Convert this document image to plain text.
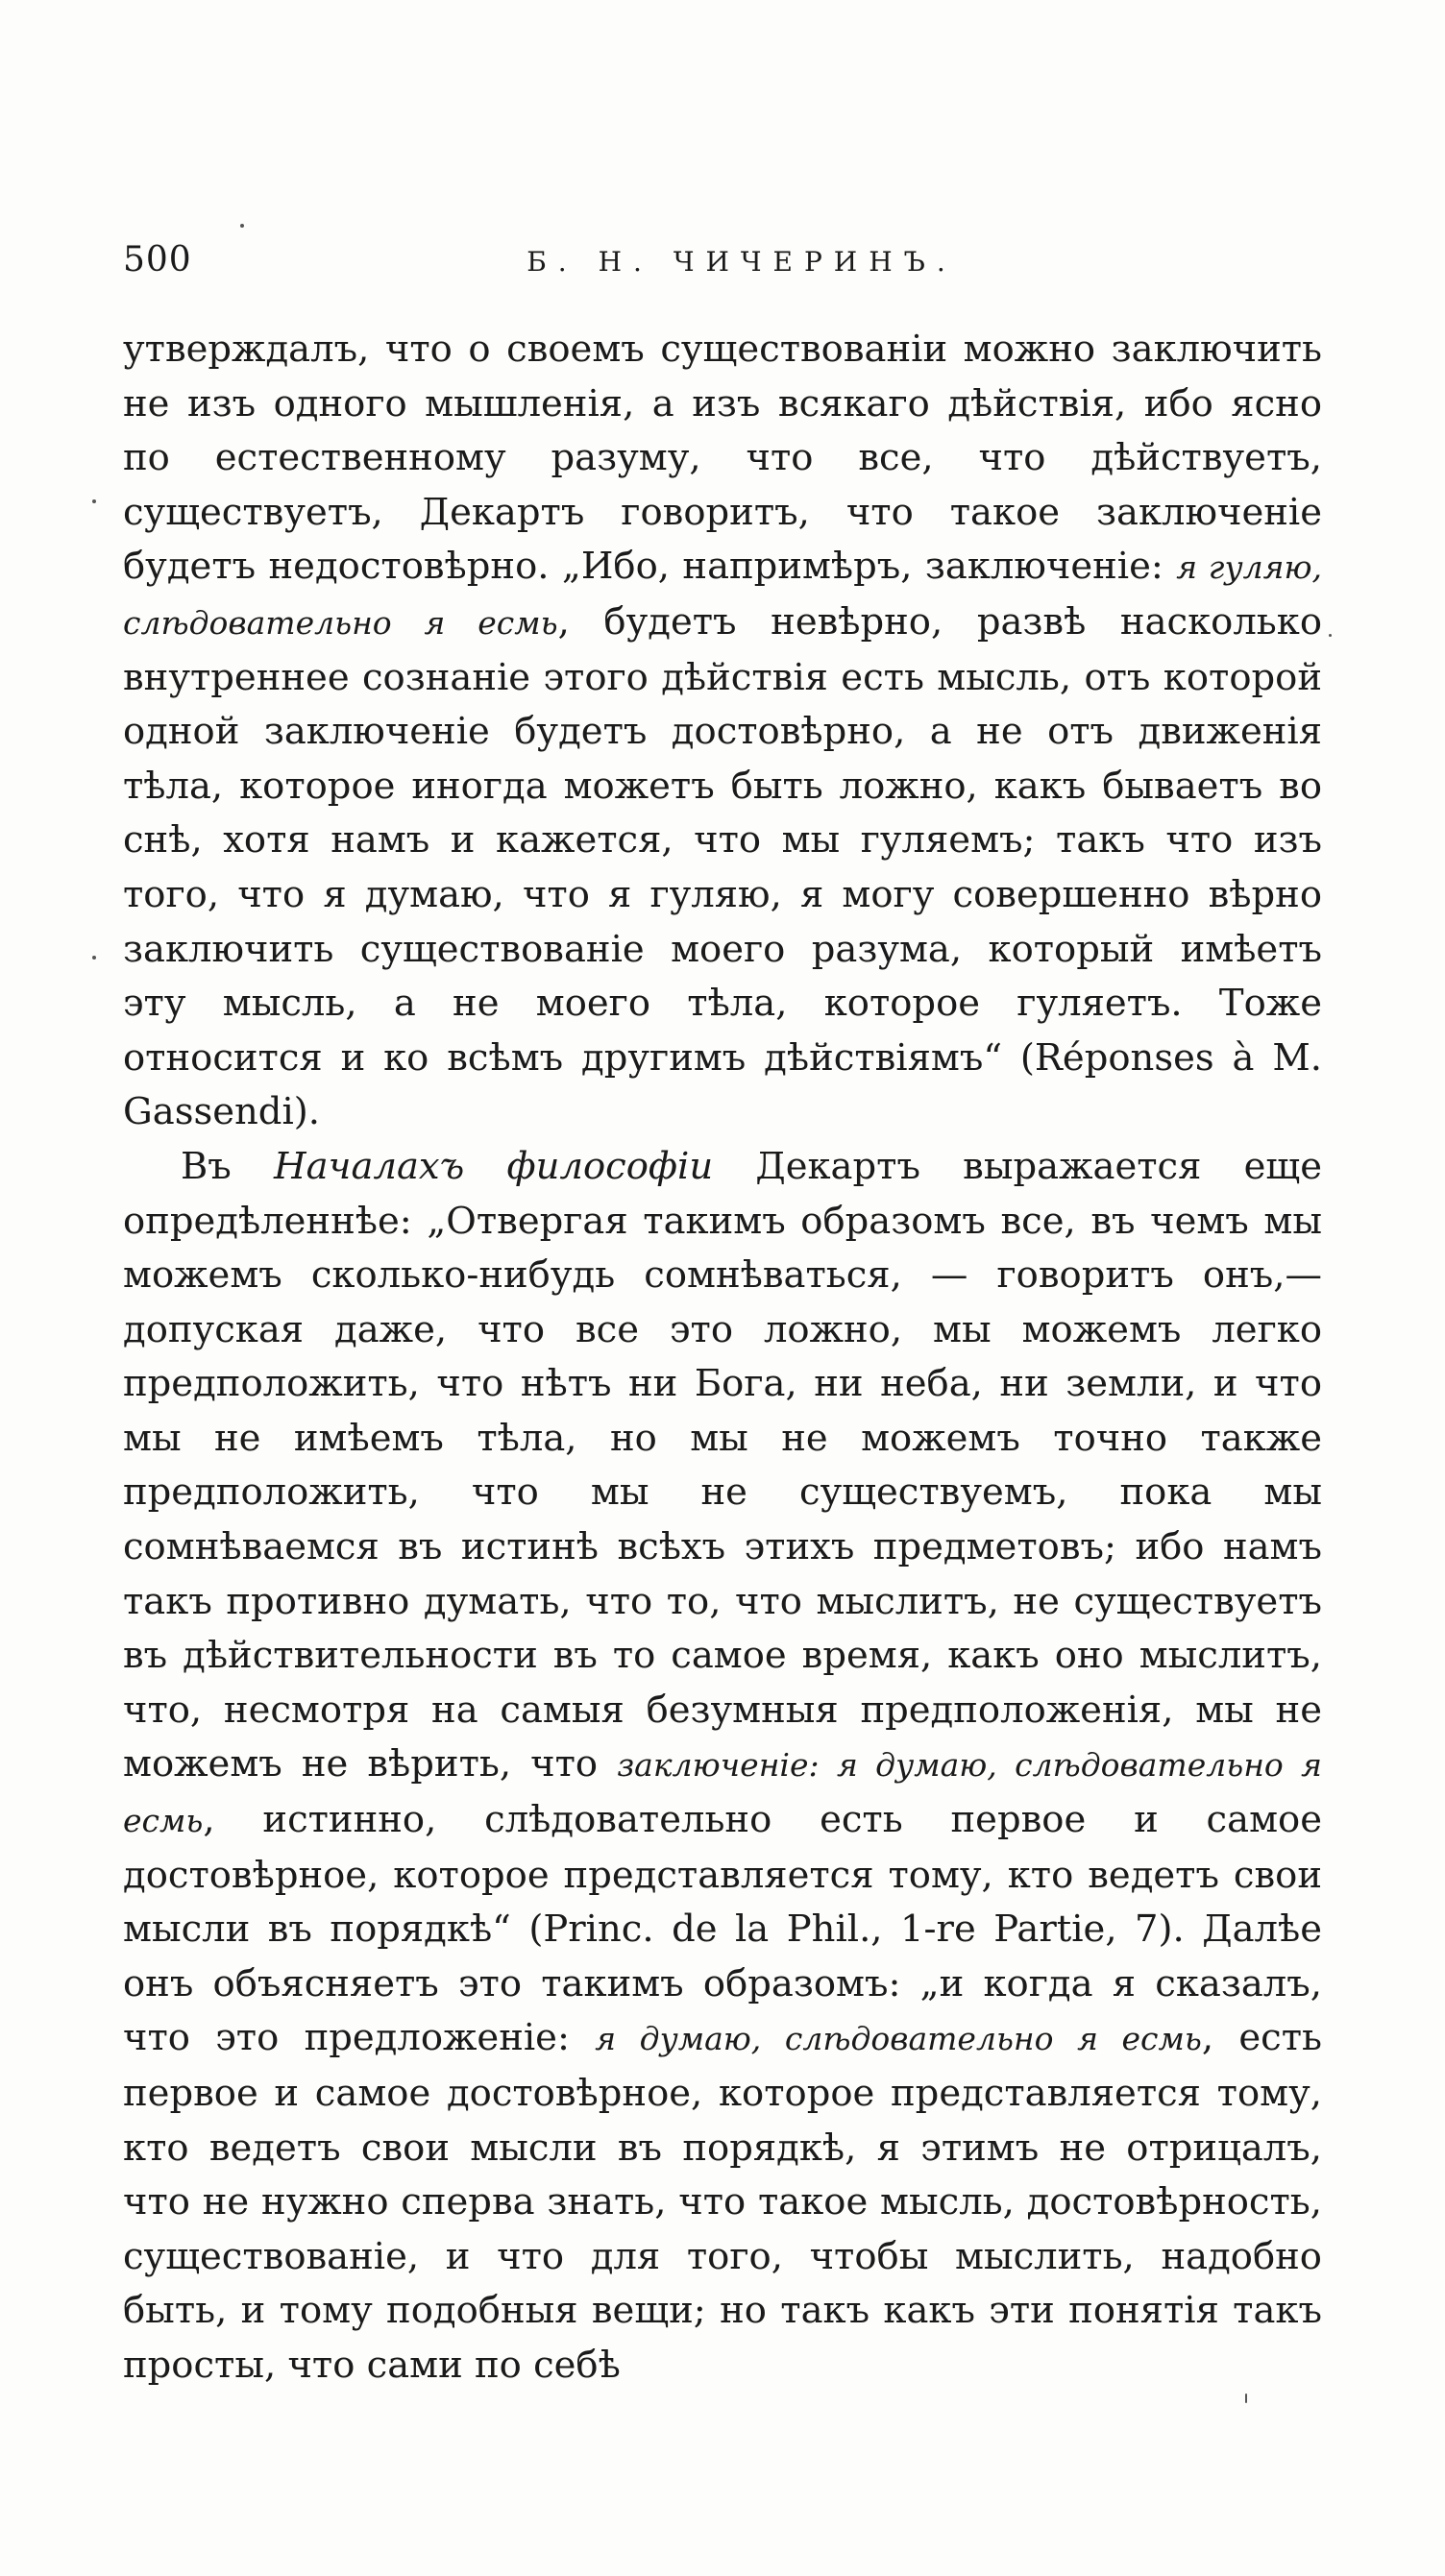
500	Б. Н. ЧИЧЕРИНЪ.

утверждалъ, что о своемъ существованіи можно заключить не изъ одного мышленія, а изъ всякаго дѣйствія, ибо ясно по естественному разуму, что все, что дѣйствуетъ, существуетъ, Декартъ говоритъ, что такое заключеніе будетъ недостовѣрно. „Ибо, напримѣръ, заключеніе: я гуляю, слѣдовательно я есмь, будетъ невѣрно, развѣ насколько внутреннее сознаніе этого дѣйствія есть мысль, отъ которой одной заключеніе будетъ достовѣрно, а не отъ движенія тѣла, которое иногда можетъ быть ложно, какъ бываетъ во снѣ, хотя намъ и кажется, что мы гуляемъ; такъ что изъ того, что я думаю, что я гуляю, я могу совершенно вѣрно заключить существованіе моего разума, который имѣетъ эту мысль, а не моего тѣла, которое гуляетъ. Тоже относится и ко всѣмъ другимъ дѣйствіямъ“ (Réponses à M. Gassendi).

Въ Началахъ философіи Декартъ выражается еще опредѣленнѣе: „Отвергая такимъ образомъ все, въ чемъ мы можемъ сколько-нибудь сомнѣваться, — говоритъ онъ,— допуская даже, что все это ложно, мы можемъ легко предположить, что нѣтъ ни Бога, ни неба, ни земли, и что мы не имѣемъ тѣла, но мы не можемъ точно также предположить, что мы не существуемъ, пока мы сомнѣваемся въ истинѣ всѣхъ этихъ предметовъ; ибо намъ такъ противно думать, что то, что мыслитъ, не существуетъ въ дѣйствительности въ то самое время, какъ оно мыслитъ, что, несмотря на самыя безумныя предположенія, мы не можемъ не вѣрить, что заключеніе: я думаю, слѣдовательно я есмь, истинно, слѣдовательно есть первое и самое достовѣрное, которое представляется тому, кто ведетъ свои мысли въ порядкѣ“ (Princ. de la Phil., 1-re Partie, 7). Далѣе онъ объясняетъ это такимъ образомъ: „и когда я сказалъ, что это предложеніе: я думаю, слѣдовательно я есмь, есть первое и самое достовѣрное, которое представляется тому, кто ведетъ свои мысли въ порядкѣ, я этимъ не отрицалъ, что не нужно сперва знать, что такое мысль, достовѣрность, существованіе, и что для того, чтобы мыслить, надобно быть, и тому подобныя вещи; но такъ какъ эти понятія такъ просты, что сами по себѣ
